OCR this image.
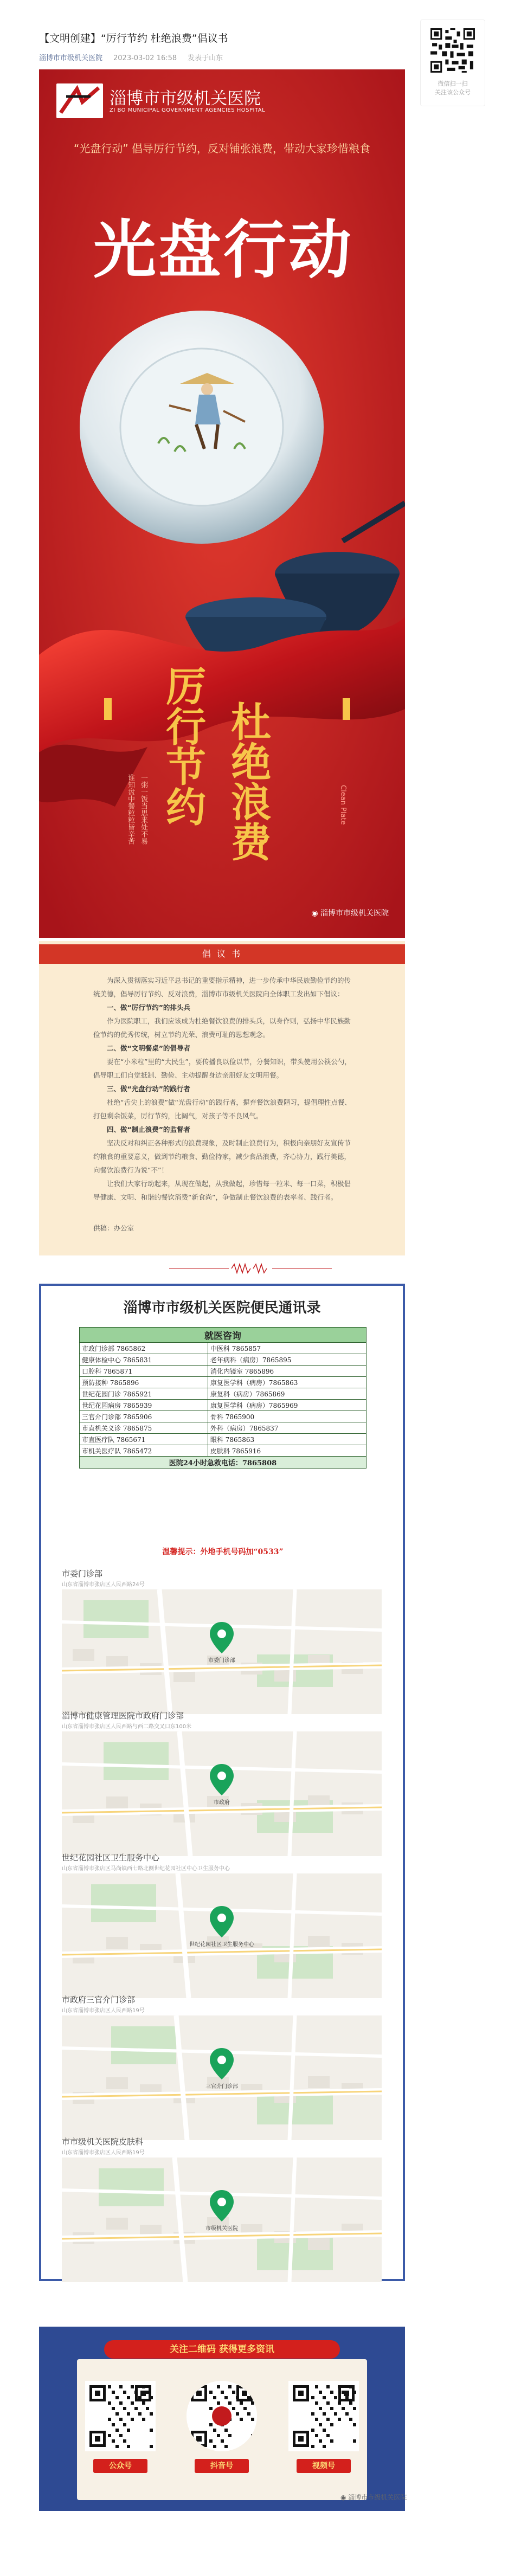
【文明创建】“厉行节约 杜绝浪费”倡议书
淄博市市级机关医院 2023-03-02 16:58 发表于山东
微信扫一扫
关注该公众号
淄博市市级机关医院
ZI BO MUNICIPAL GOVERNMENT AGENCIES HOSPITAL
“光盘行动” 倡导厉行节约，反对铺张浪费，带动大家珍惜粮食
光盘行动
谁知盘中餐粒粒皆辛苦 一粥一饭当思来处不易 厉行节约 杜绝浪费	Clean Plate
◉ 淄博市市级机关医院
倡 议 书

为深入贯彻落实习近平总书记的重要指示精神，进一步传承中华民族勤俭节约的传统美德，倡导厉行节约、反对浪费，淄博市市级机关医院向全体职工发出如下倡议：

一、做“厉行节约”的排头兵

作为医院职工，我们应该成为杜绝餐饮浪费的排头兵，以身作则，弘扬中华民族勤俭节约的优秀传统，树立节约光荣、浪费可耻的思想观念。

二、做“文明餐桌”的倡导者

要在“小米粒”里的“大民生”，要传播良以俭以节，分餐知识，带头使用公筷公勺，倡导职工们自觉抵制、勤俭、主动提醒身边亲朋好友文明用餐。

三、做“光盘行动”的践行者

杜绝“舌尖上的浪费”做“光盘行动”的践行者，摒弃餐饮浪费陋习，提倡理性点餐、打包剩余饭菜，厉行节约，比阔气，对孩子等不良风气。

四、做“制止浪费”的监督者

坚决反对和纠正各种形式的浪费现象，及时制止浪费行为，积极向亲朋好友宣传节约粮食的重要意义，做到节约粮食、勤俭持家，减少食品浪费，齐心协力，践行美德，向餐饮浪费行为说“不”！

让我们大家行动起来，从现在做起，从我做起，珍惜每一粒米、每一口菜，积极倡导健康、文明、和谐的餐饮消费“新食尚”，争做制止餐饮浪费的表率者、践行者。

供稿：办公室
淄博市市级机关医院便民通讯录
就医咨询	
市政门诊部 7865862	中医科 7865857
健康体检中心 7865831	老年病科（病房）7865895
口腔科 7865871	消化内镜室 7865896
预防接种 7865896	康复医学科（病房）7865863
世纪花园门诊 7865921	康复科（病房）7865869
世纪花园病房 7865939	康复医学科（病房）7865969
三官介门诊部 7865906	骨科 7865900
市直机关义诊 7865875	外科（病房）7865837
市直医疗队 7865671	眼科 7865863
市机关医疗队 7865472	皮肤科 7865916
医院24小时急救电话：7865808	
温馨提示：外地手机号码加“0533”
市委门诊部
山东省淄博市张店区人民西路24号
市委门诊部
淄博市健康管理医院市政府门诊部
山东省淄博市张店区人民西路与西二路交叉口东100米
市政府
世纪花园社区卫生服务中心
山东省淄博市张店区马尚镇西七路北侧世纪花园社区中心卫生服务中心
世纪花园社区卫生服务中心
市政府三官介门诊部
山东省淄博市张店区人民西路19号
三官介门诊部
市市级机关医院皮肤科
山东省淄博市张店区人民西路19号
市级机关医院
关注二维码 获得更多资讯
公众号	抖音号	视频号
◉ 淄博市市级机关医院
